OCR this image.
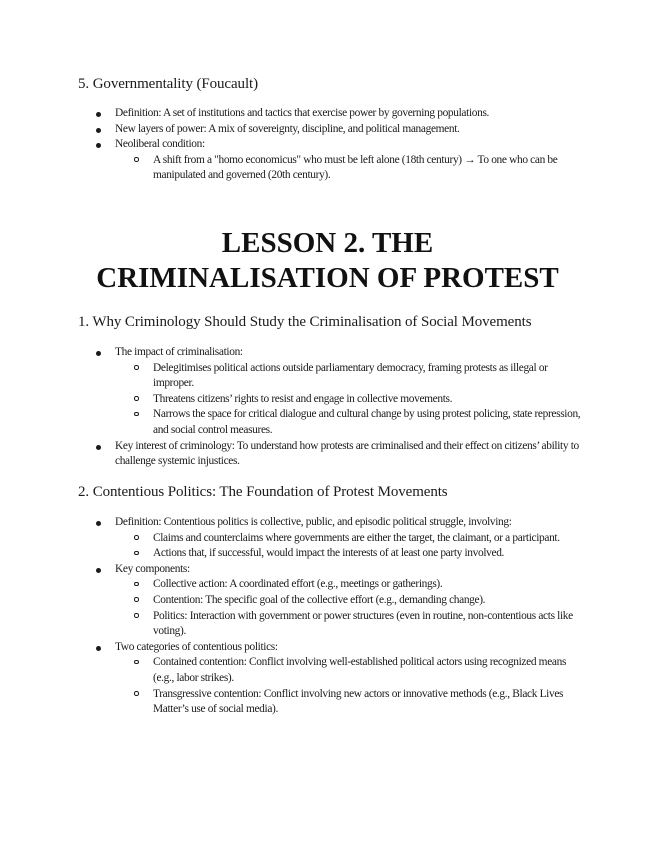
5. Governmentality (Foucault)
Definition: A set of institutions and tactics that exercise power by governing populations.
New layers of power: A mix of sovereignty, discipline, and political management.
Neoliberal condition:
A shift from a "homo economicus" who must be left alone (18th century) → To one who can be manipulated and governed (20th century).
LESSON 2. THE
CRIMINALISATION OF PROTEST
1. Why Criminology Should Study the Criminalisation of Social Movements
The impact of criminalisation:
Delegitimises political actions outside parliamentary democracy, framing protests as illegal or improper.
Threatens citizens’ rights to resist and engage in collective movements.
Narrows the space for critical dialogue and cultural change by using protest policing, state repression, and social control measures.
Key interest of criminology: To understand how protests are criminalised and their effect on citizens’ ability to challenge systemic injustices.
2. Contentious Politics: The Foundation of Protest Movements
Definition: Contentious politics is collective, public, and episodic political struggle, involving:
Claims and counterclaims where governments are either the target, the claimant, or a participant.
Actions that, if successful, would impact the interests of at least one party involved.
Key components:
Collective action: A coordinated effort (e.g., meetings or gatherings).
Contention: The specific goal of the collective effort (e.g., demanding change).
Politics: Interaction with government or power structures (even in routine, non-contentious acts like voting).
Two categories of contentious politics:
Contained contention: Conflict involving well-established political actors using recognized means (e.g., labor strikes).
Transgressive contention: Conflict involving new actors or innovative methods (e.g., Black Lives Matter’s use of social media).
